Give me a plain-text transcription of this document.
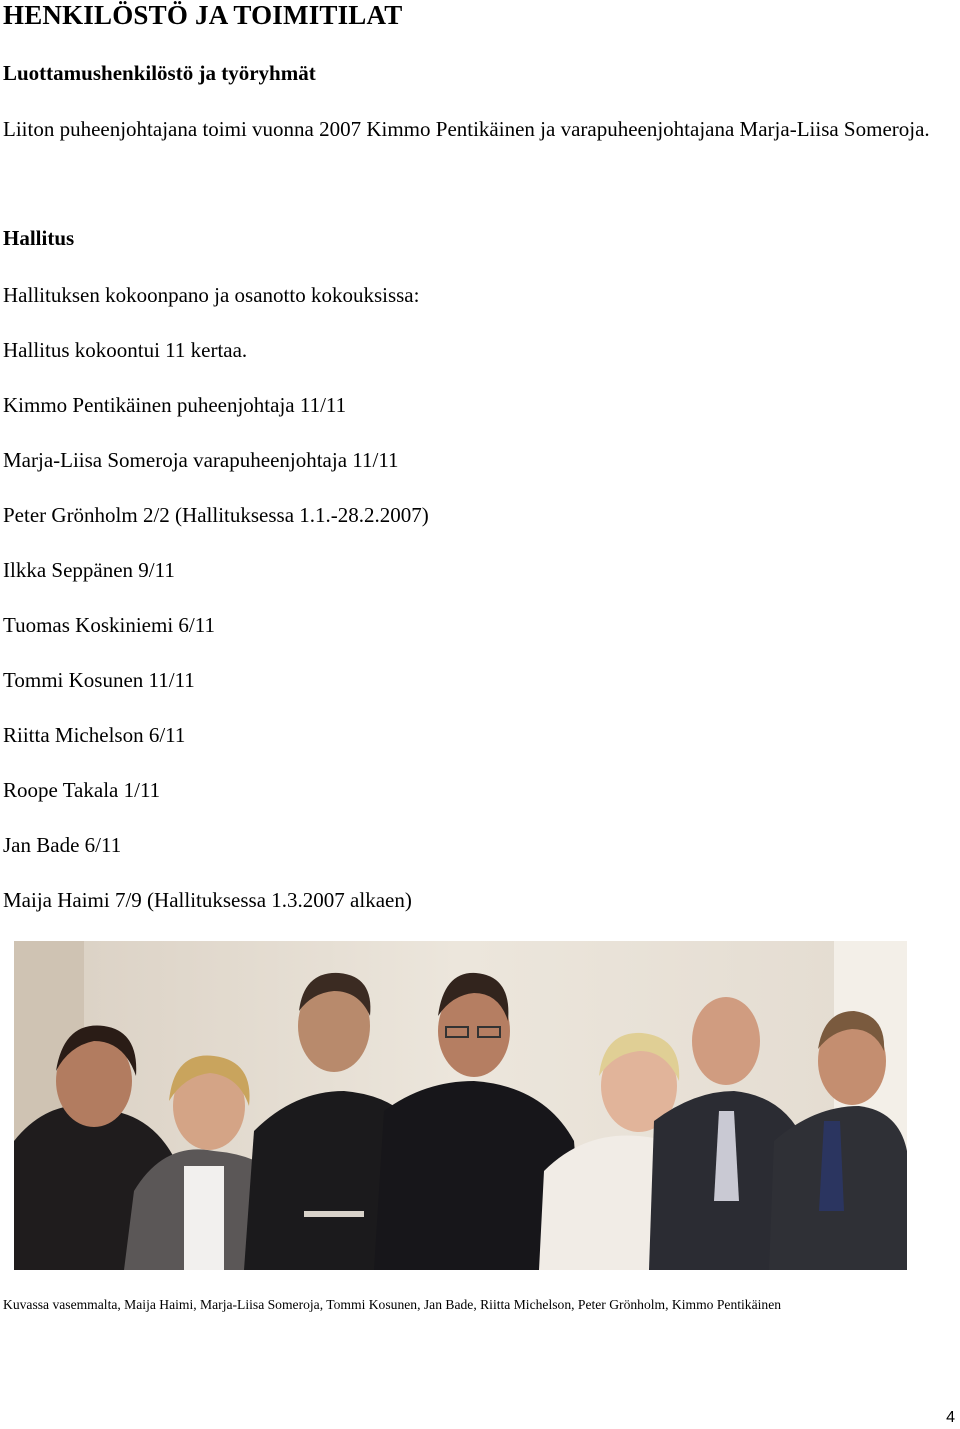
HENKILÖSTÖ JA TOIMITILAT
Luottamushenkilöstö ja työryhmät

Liiton puheenjohtajana toimi vuonna 2007 Kimmo Pentikäinen ja varapuheenjohtajana Marja-Liisa Someroja.

Hallitus

Hallituksen kokoonpano ja osanotto kokouksissa:

Hallitus kokoontui 11 kertaa.

Kimmo Pentikäinen puheenjohtaja 11/11

Marja-Liisa Someroja varapuheenjohtaja 11/11

Peter Grönholm 2/2 (Hallituksessa 1.1.-28.2.2007)

Ilkka Seppänen 9/11

Tuomas Koskiniemi 6/11

Tommi Kosunen 11/11

Riitta Michelson 6/11

Roope Takala 1/11

Jan Bade 6/11

Maija Haimi 7/9 (Hallituksessa 1.3.2007 alkaen)

Kuvassa vasemmalta, Maija Haimi, Marja-Liisa Someroja, Tommi Kosunen, Jan Bade, Riitta Michelson, Peter Grönholm, Kimmo Pentikäinen

4
